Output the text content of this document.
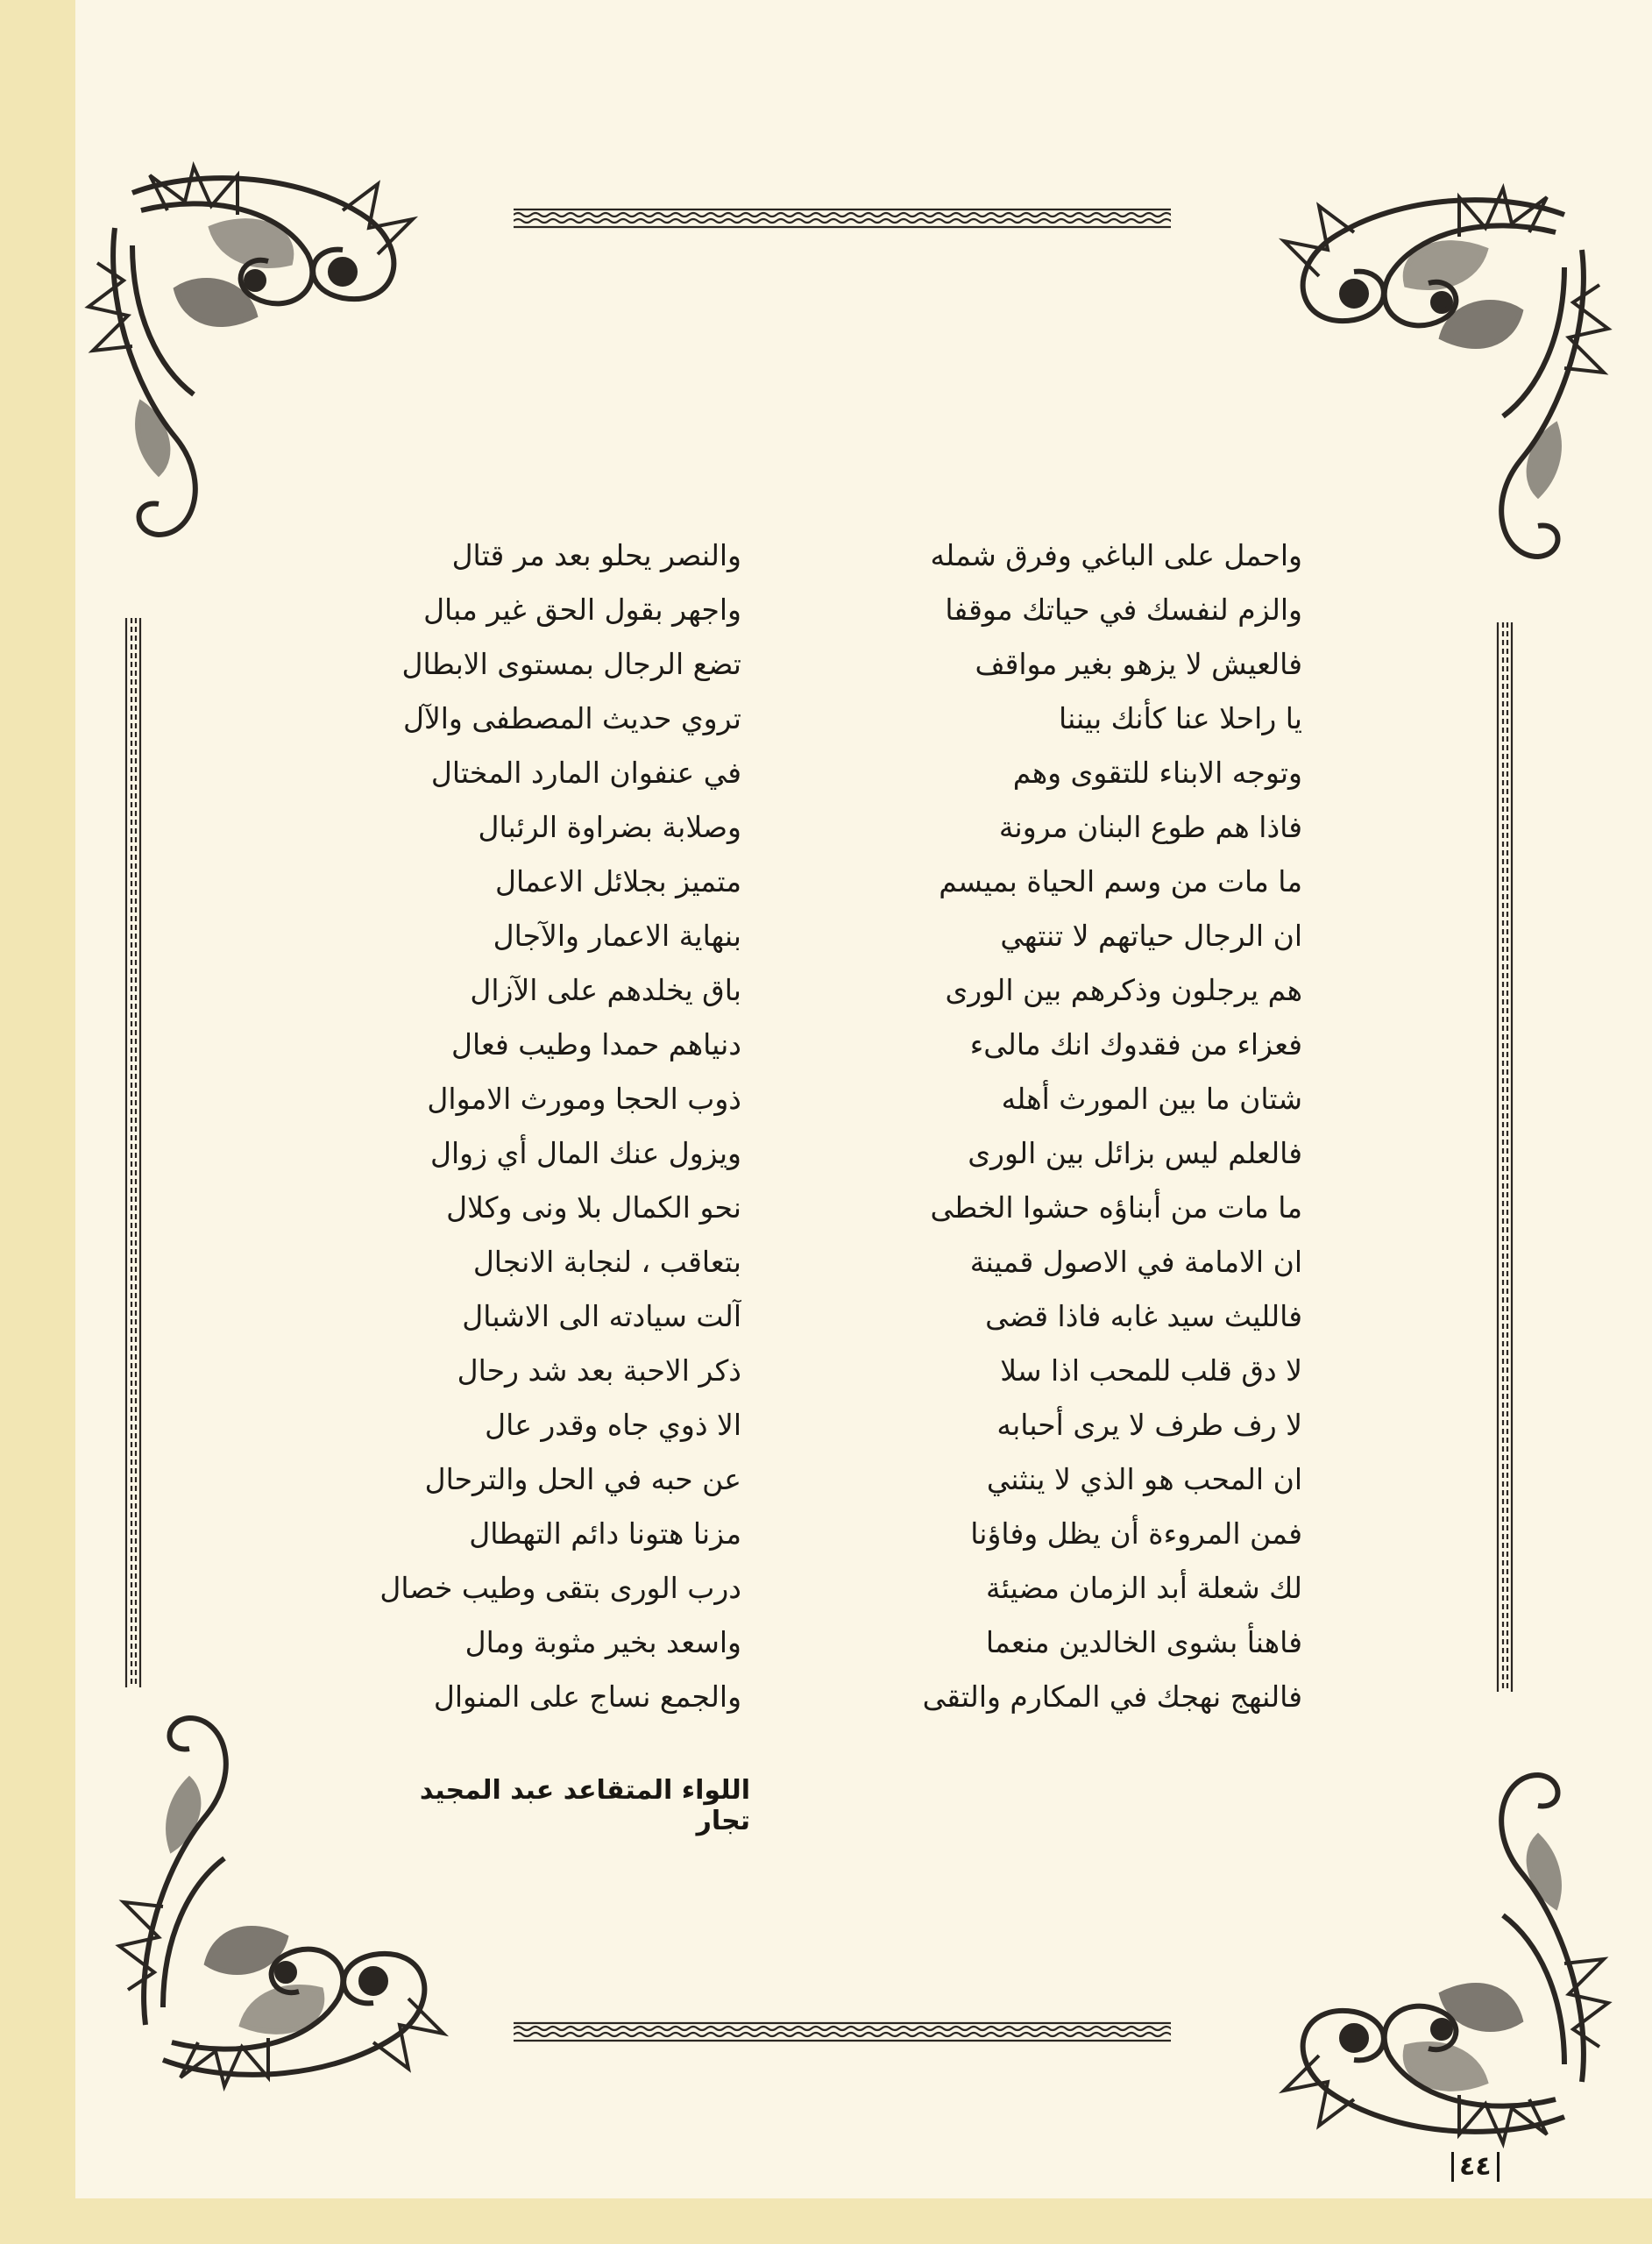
واحمل على الباغي وفرق شمله
والزم لنفسك في حياتك موقفا
فالعيش لا يزهو بغير مواقف
يا راحلا عنا كأنك بيننا
وتوجه الابناء للتقوى وهم
فاذا هم طوع البنان مرونة
ما مات من وسم الحياة بميسم
ان الرجال حياتهم لا تنتهي
هم يرجلون وذكرهم بين الورى
فعزاء من فقدوك انك مالىء
شتان ما بين المورث أهله
فالعلم ليس بزائل بين الورى
ما مات من أبناؤه حشوا الخطى
ان الامامة في الاصول قمينة
فالليث سيد غابه فاذا قضى
لا دق قلب للمحب اذا سلا
لا رف طرف لا يرى أحبابه
ان المحب هو الذي لا ينثني
فمن المروءة أن يظل وفاؤنا
لك شعلة أبد الزمان مضيئة
فاهنأ بشوى الخالدين منعما
فالنهج نهجك في المكارم والتقى
والنصر يحلو بعد مر قتال
واجهر بقول الحق غير مبال
تضع الرجال بمستوى الابطال
تروي حديث المصطفى والآل
في عنفوان المارد المختال
وصلابة بضراوة الرئبال
متميز بجلائل الاعمال
بنهاية الاعمار والآجال
باق يخلدهم على الآزال
دنياهم حمدا وطيب فعال
ذوب الحجا ومورث الاموال
ويزول عنك المال أي زوال
نحو الكمال بلا ونى وكلال
بتعاقب ، لنجابة الانجال
آلت سيادته الى الاشبال
ذكر الاحبة بعد شد رحال
الا ذوي جاه وقدر عال
عن حبه في الحل والترحال
مزنا هتونا دائم التهطال
درب الورى بتقى وطيب خصال
واسعد بخير مثوبة ومال
والجمع نساج على المنوال
اللواء المتقاعد عبد المجيد تجار
٤٤
